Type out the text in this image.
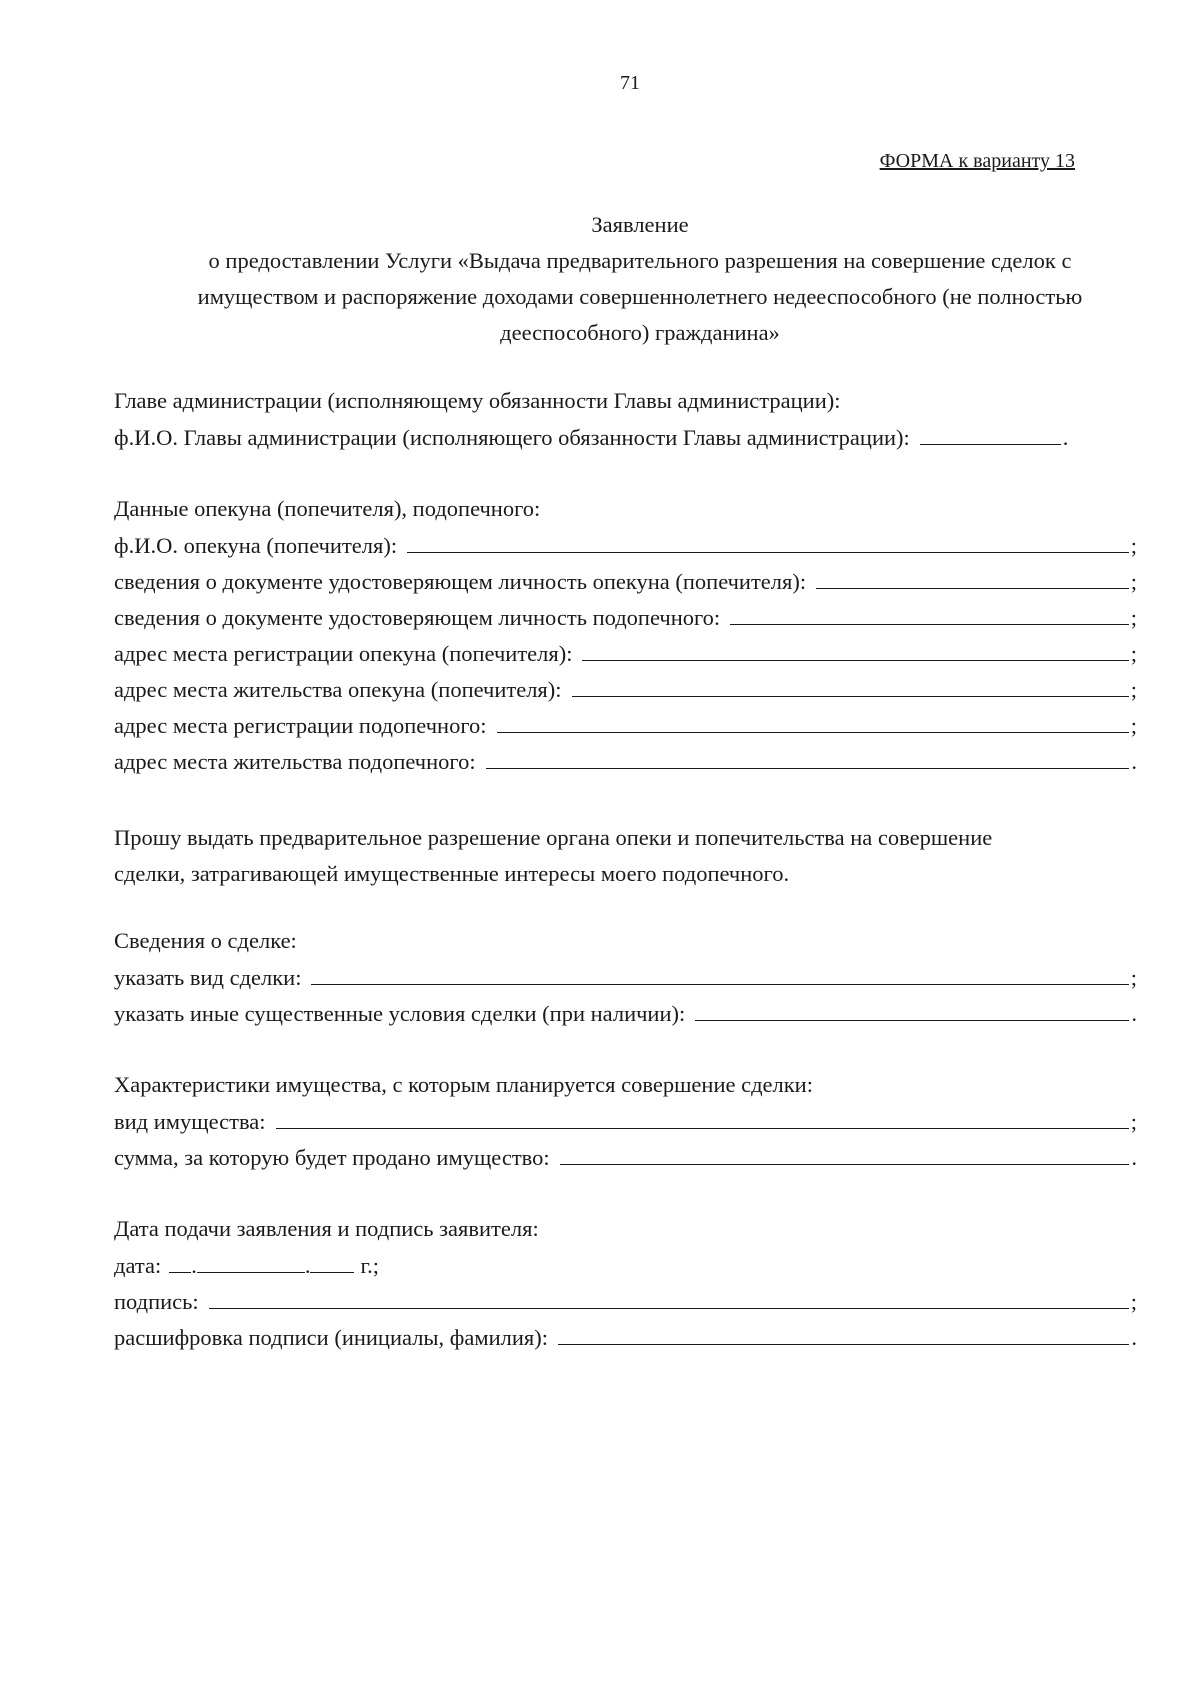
71
ФОРМА к варианту 13
Заявление
о предоставлении Услуги «Выдача предварительного разрешения на совершение сделок с
имуществом и распоряжение доходами совершеннолетнего недееспособного (не полностью
дееспособного) гражданина»
Главе администрации (исполняющему обязанности Главы администрации):
ф.И.О. Главы администрации (исполняющего обязанности Главы администрации):	.
Данные опекуна (попечителя), подопечного:
ф.И.О. опекуна (попечителя):	;
сведения о документе удостоверяющем личность опекуна (попечителя):	;
сведения о документе удостоверяющем личность подопечного:	;
адрес места регистрации опекуна (попечителя):	;
адрес места жительства опекуна (попечителя):	;
адрес места регистрации подопечного:	;
адрес места жительства подопечного:	.
Прошу выдать предварительное разрешение органа опеки и попечительства на совершение
сделки, затрагивающей имущественные интересы моего подопечного.
Сведения о сделке:
указать вид сделки:	;
указать иные существенные условия сделки (при наличии):	.
Характеристики имущества, с которым планируется совершение сделки:
вид имущества:	;
сумма, за которую будет продано имущество:	.
Дата подачи заявления и подпись заявителя:
дата: .	. г.;
подпись:	;
расшифровка подписи (инициалы, фамилия):	.
